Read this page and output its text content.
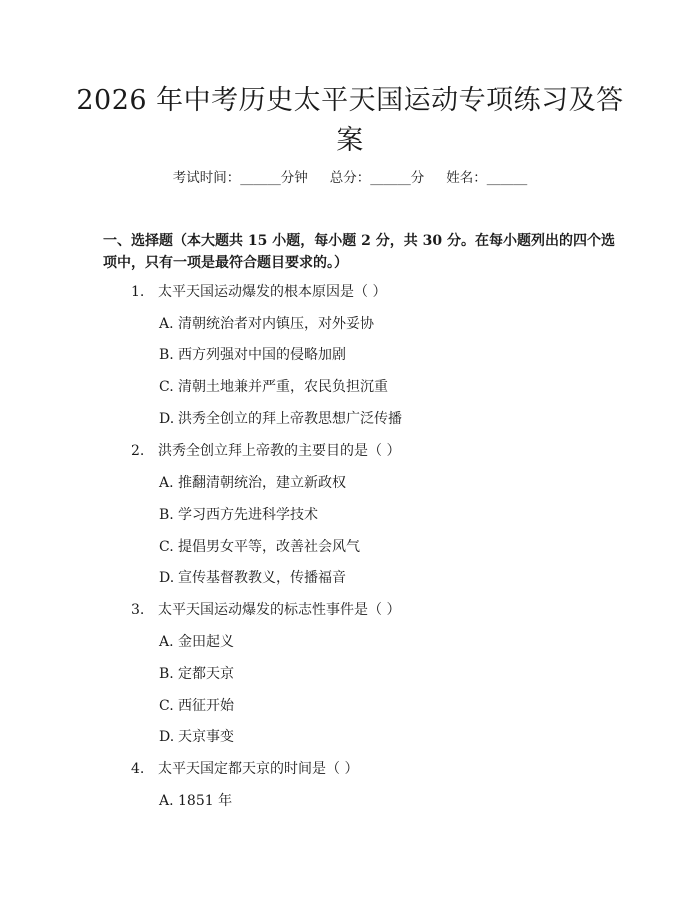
2026 年中考历史太平天国运动专项练习及答
案
考试时间：______分钟 总分：______分 姓名：______
一、选择题（本大题共 15 小题，每小题 2 分，共 30 分。在每小题列出的四个选
项中，只有一项是最符合题目要求的。）
1. 太平天国运动爆发的根本原因是（ ）
A. 清朝统治者对内镇压，对外妥协
B. 西方列强对中国的侵略加剧
C. 清朝土地兼并严重，农民负担沉重
D. 洪秀全创立的拜上帝教思想广泛传播
2. 洪秀全创立拜上帝教的主要目的是（ ）
A. 推翻清朝统治，建立新政权
B. 学习西方先进科学技术
C. 提倡男女平等，改善社会风气
D. 宣传基督教教义，传播福音
3. 太平天国运动爆发的标志性事件是（ ）
A. 金田起义
B. 定都天京
C. 西征开始
D. 天京事变
4. 太平天国定都天京的时间是（ ）
A. 1851 年
